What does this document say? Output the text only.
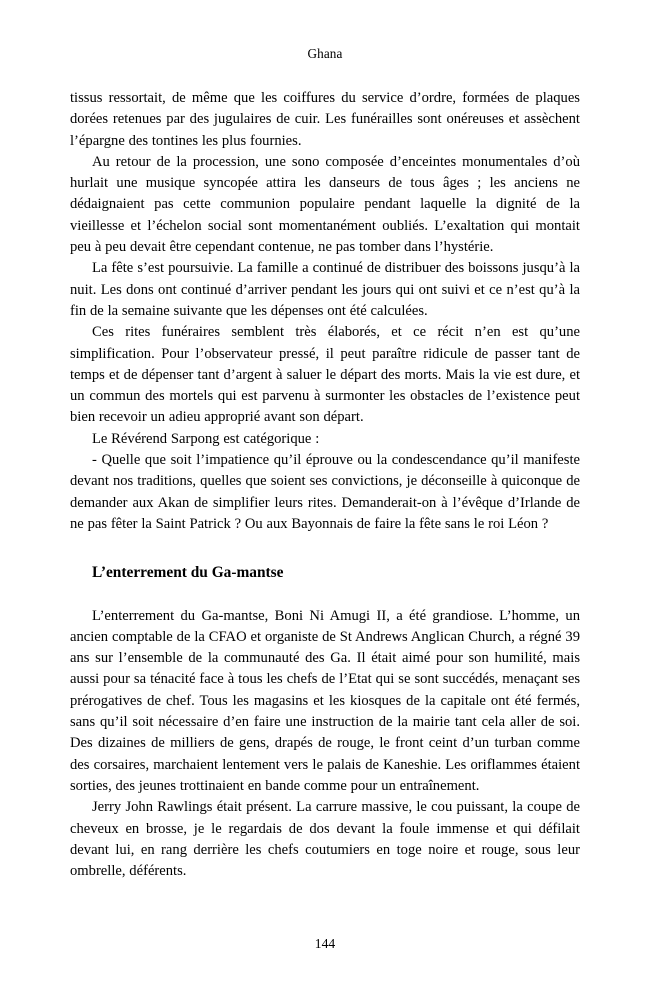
Ghana

tissus ressortait, de même que les coiffures du service d’ordre, formées de plaques dorées retenues par des jugulaires de cuir. Les funérailles sont onéreuses et assèchent l’épargne des tontines les plus fournies.

Au retour de la procession, une sono composée d’enceintes monumentales d’où hurlait une musique syncopée attira les danseurs de tous âges ; les anciens ne dédaignaient pas cette communion populaire pendant laquelle la dignité de la vieillesse et l’échelon social sont momentanément oubliés. L’exaltation qui montait peu à peu devait être cependant contenue, ne pas tomber dans l’hystérie.

La fête s’est poursuivie. La famille a continué de distribuer des boissons jusqu’à la nuit. Les dons ont continué d’arriver pendant les jours qui ont suivi et ce n’est qu’à la fin de la semaine suivante que les dépenses ont été calculées.

Ces rites funéraires semblent très élaborés, et ce récit n’en est qu’une simplification. Pour l’observateur pressé, il peut paraître ridicule de passer tant de temps et de dépenser tant d’argent à saluer le départ des morts. Mais la vie est dure, et un commun des mortels qui est parvenu à surmonter les obstacles de l’existence peut bien recevoir un adieu approprié avant son départ.

Le Révérend Sarpong est catégorique :

- Quelle que soit l’impatience qu’il éprouve ou la condescendance qu’il manifeste devant nos traditions, quelles que soient ses convictions, je déconseille à quiconque de demander aux Akan de simplifier leurs rites. Demanderait-on à l’évêque d’Irlande de ne pas fêter la Saint Patrick ? Ou aux Bayonnais de faire la fête sans le roi Léon ?

L’enterrement du Ga-mantse

L’enterrement du Ga-mantse, Boni Ni Amugi II, a été grandiose. L’homme, un ancien comptable de la CFAO et organiste de St Andrews Anglican Church, a régné 39 ans sur l’ensemble de la communauté des Ga. Il était aimé pour son humilité, mais aussi pour sa ténacité face à tous les chefs de l’Etat qui se sont succédés, menaçant ses prérogatives de chef. Tous les magasins et les kiosques de la capitale ont été fermés, sans qu’il soit nécessaire d’en faire une instruction de la mairie tant cela aller de soi. Des dizaines de milliers de gens, drapés de rouge, le front ceint d’un turban comme des corsaires, marchaient lentement vers le palais de Kaneshie. Les oriflammes étaient sorties, des jeunes trottinaient en bande comme pour un entraînement.

Jerry John Rawlings était présent. La carrure massive, le cou puissant, la coupe de cheveux en brosse, je le regardais de dos devant la foule immense et qui défilait devant lui, en rang derrière les chefs coutumiers en toge noire et rouge, sous leur ombrelle, déférents.

144
